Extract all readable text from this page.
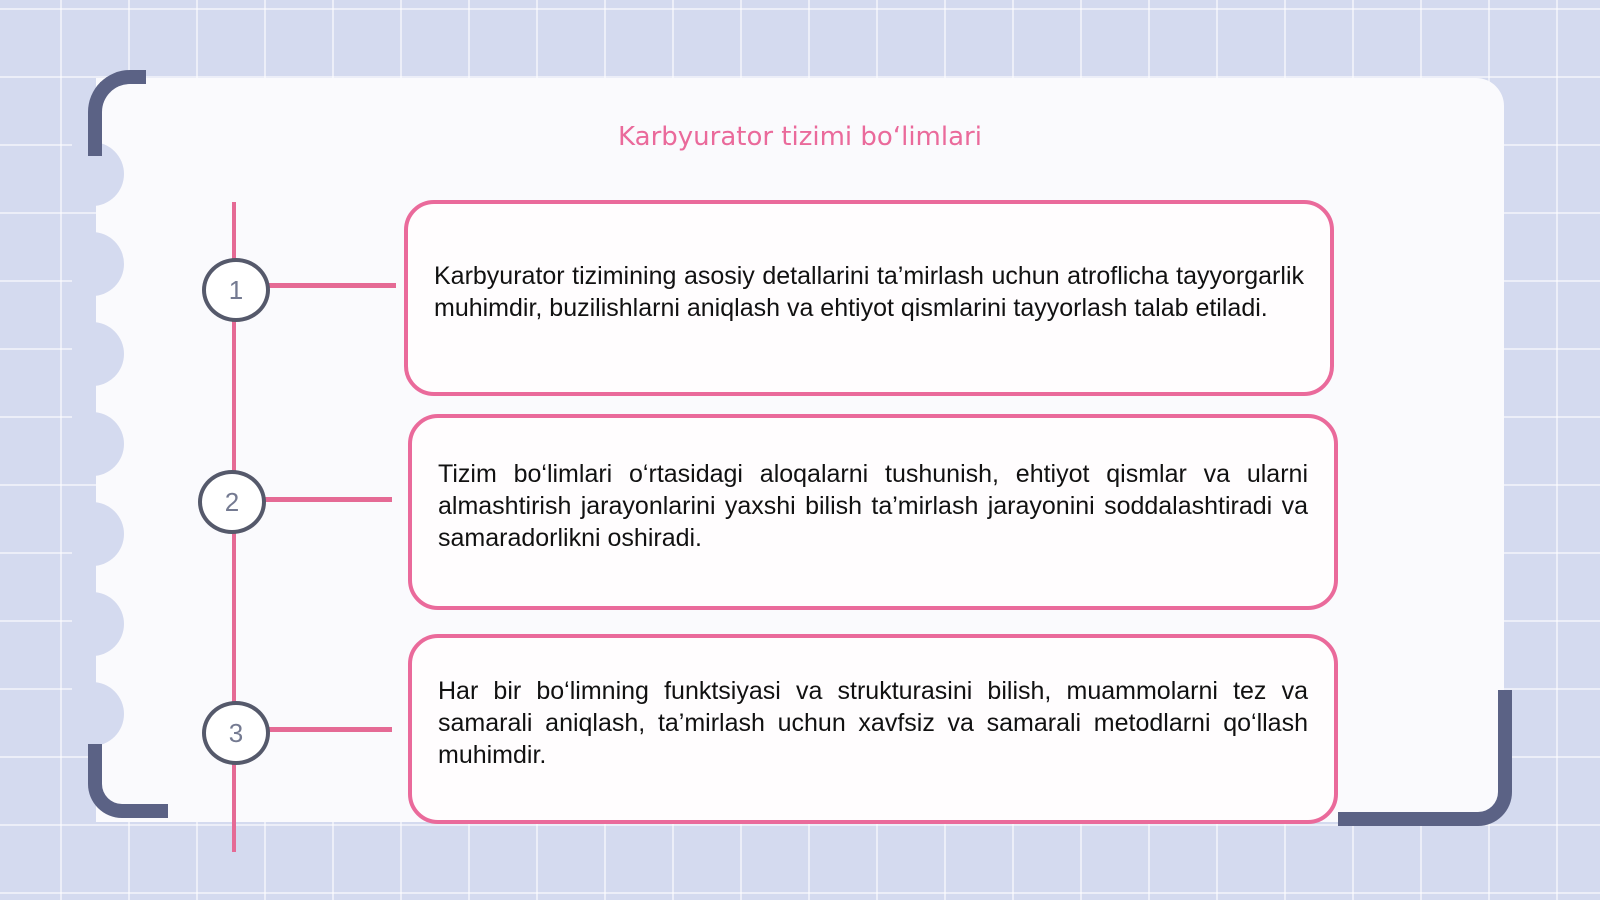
Karbyurator tizimi bo‘limlari
1	Karbyurator tizimining asosiy detallarini ta’mirlash uchun atroflicha tayyorgarlik muhimdir, buzilishlarni aniqlash va ehtiyot qismlarini tayyorlash talab etiladi.

2

Tizim bo‘limlari o‘rtasidagi aloqalarni tushunish, ehtiyot qismlar va ularni almashtirish jarayonlarini yaxshi bilish ta’mirlash jarayonini soddalashtiradi va samaradorlikni oshiradi.

3

Har bir bo‘limning funktsiyasi va strukturasini bilish, muammolarni tez va samarali aniqlash, ta’mirlash uchun xavfsiz va samarali metodlarni qo‘llash muhimdir.
